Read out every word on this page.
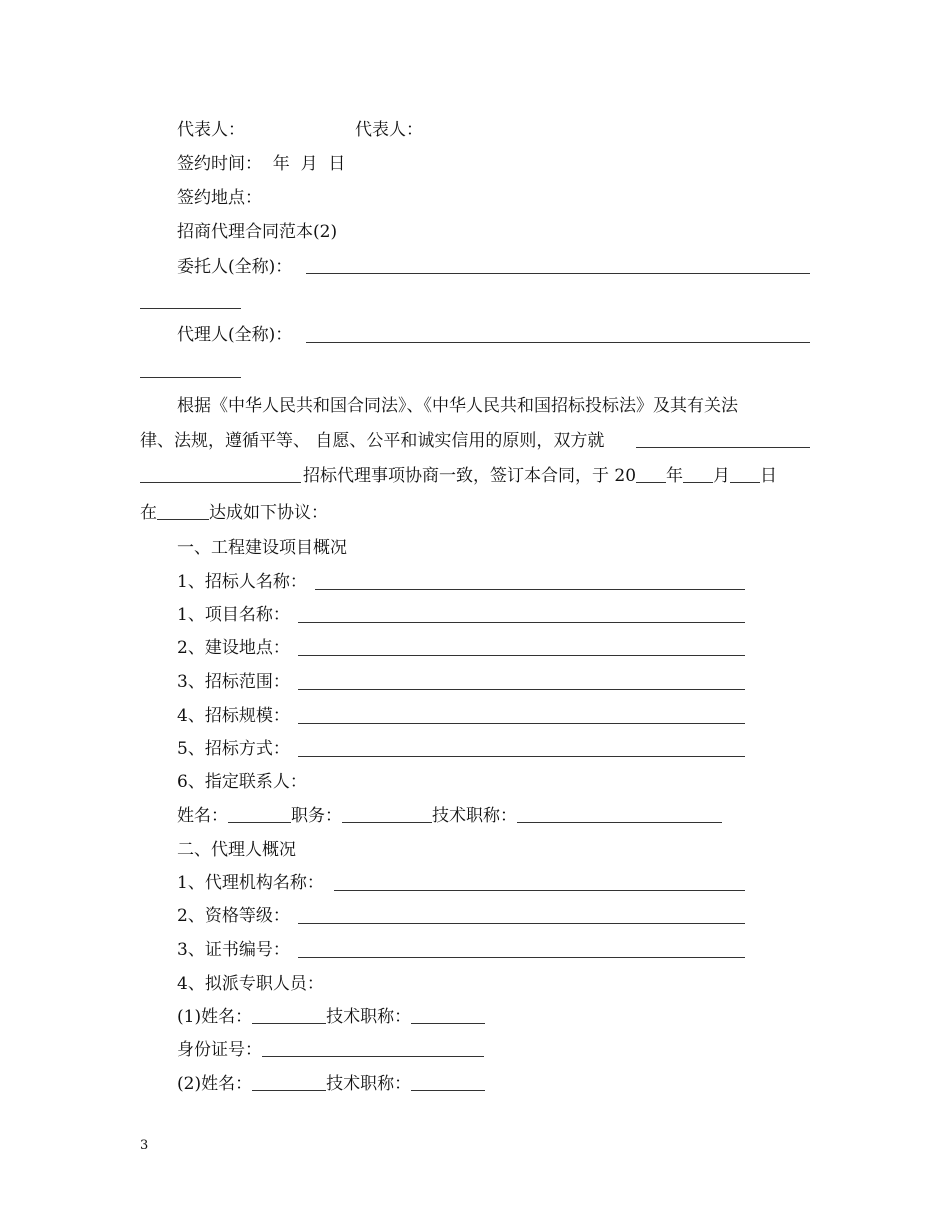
代表人：	代表人：
签约时间：  年  月  日
签约地点：
招商代理合同范本(2)
委托人(全称)：
代理人(全称)：
根据《中华人民共和国合同法》、《中华人民共和国招标投标法》及其有关法
律、法规，遵循平等、 自愿、公平和诚实信用的原则，双方就
招标代理事项协商一致，签订本合同，于 20 年 月 日
在	达成如下协议：
一、工程建设项目概况
1、招标人名称：
1、项目名称：
2、建设地点：
3、招标范围：
4、招标规模：
5、招标方式：
6、指定联系人：
姓名：	职务：	技术职称：
二、代理人概况
1、代理机构名称：
2、资格等级：
3、证书编号：
4、拟派专职人员：
(1)姓名：	技术职称：
身份证号：
(2)姓名：	技术职称：
3
